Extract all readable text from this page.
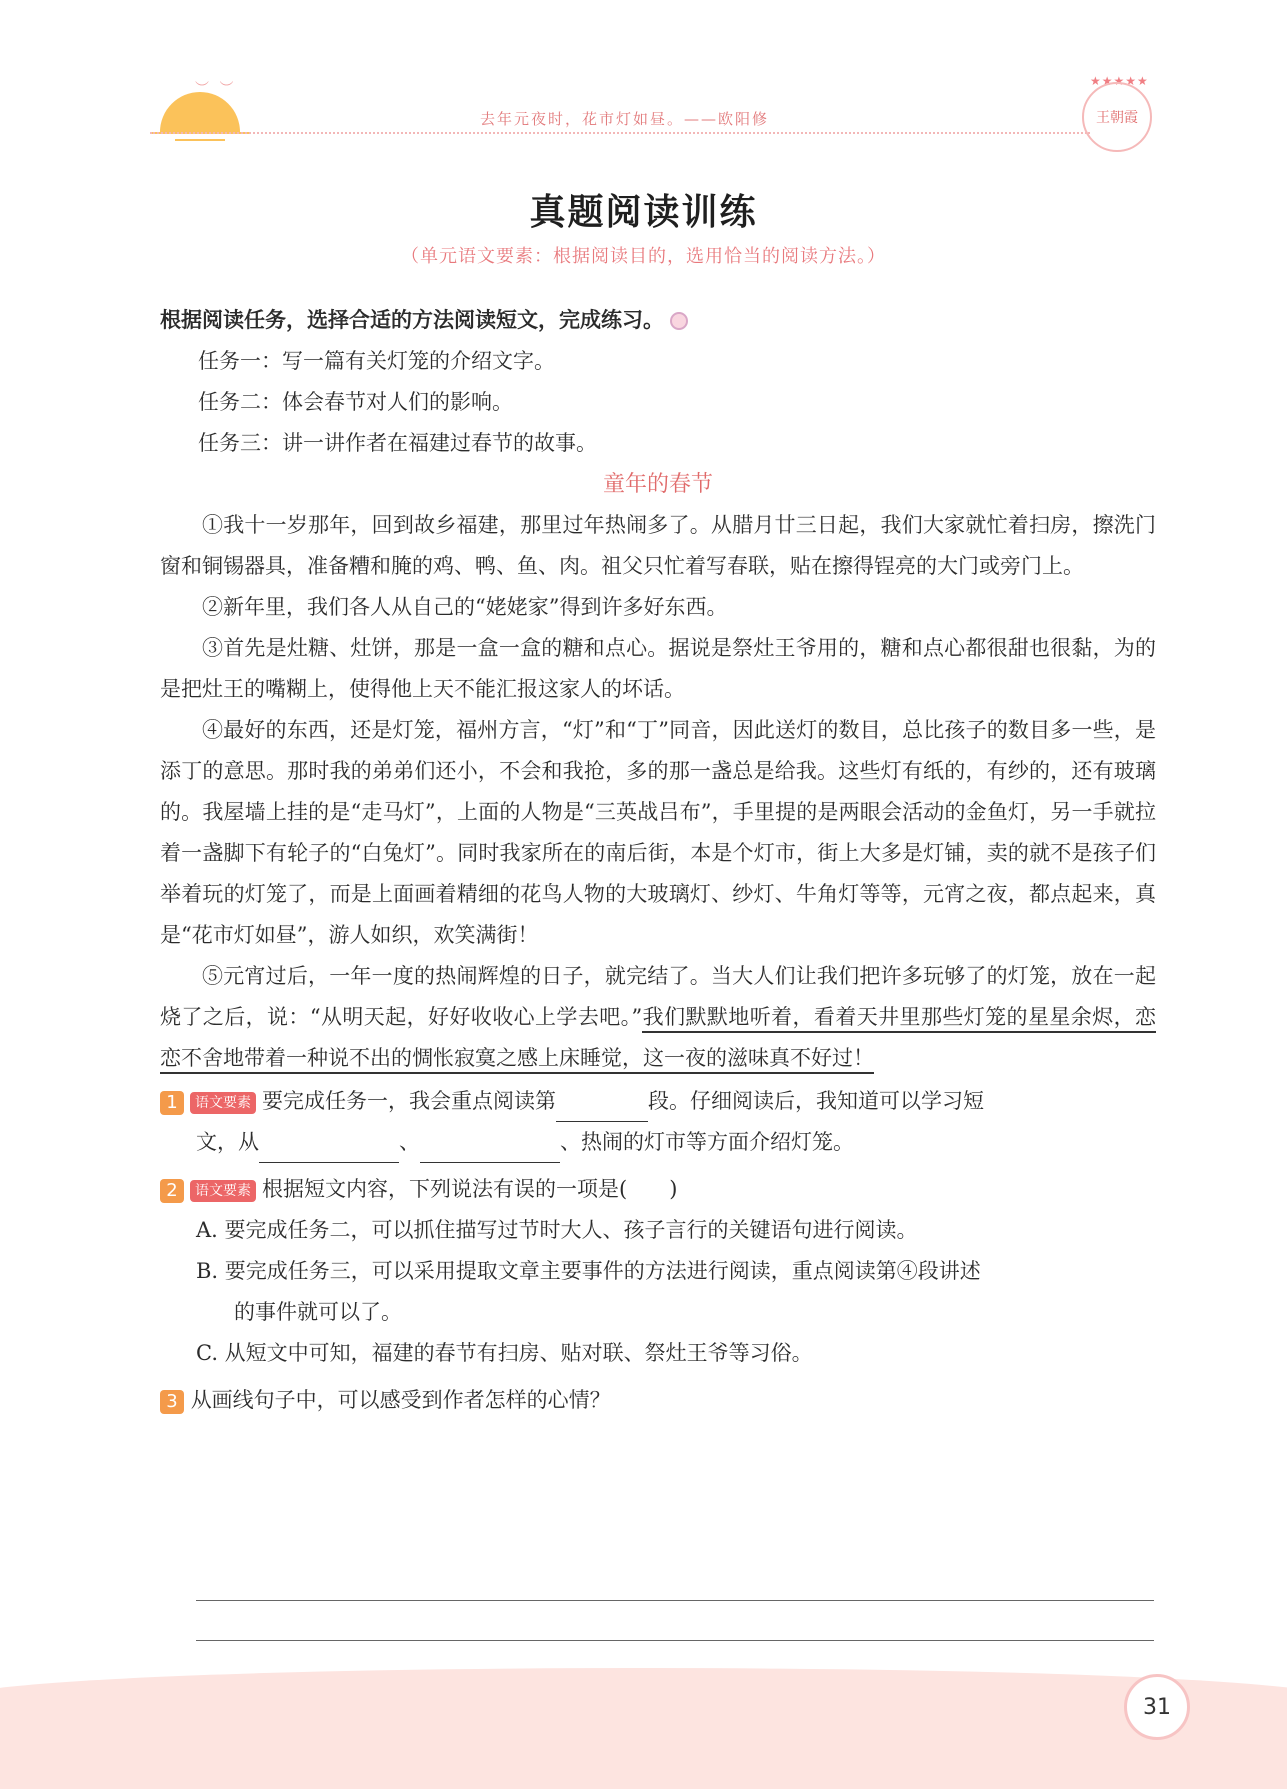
︶ ︶
去年元夜时，花市灯如昼。——欧阳修
★★★★★
王朝霞
真题阅读训练
（单元语文要素：根据阅读目的，选用恰当的阅读方法。）
根据阅读任务，选择合适的方法阅读短文，完成练习。
任务一：写一篇有关灯笼的介绍文字。
任务二：体会春节对人们的影响。
任务三：讲一讲作者在福建过春节的故事。
童年的春节
①我十一岁那年，回到故乡福建，那里过年热闹多了。从腊月廿三日起，我们大家就忙着扫房，擦洗门窗和铜锡器具，准备糟和腌的鸡、鸭、鱼、肉。祖父只忙着写春联，贴在擦得锃亮的大门或旁门上。
②新年里，我们各人从自己的“姥姥家”得到许多好东西。
③首先是灶糖、灶饼，那是一盒一盒的糖和点心。据说是祭灶王爷用的，糖和点心都很甜也很黏，为的是把灶王的嘴糊上，使得他上天不能汇报这家人的坏话。
④最好的东西，还是灯笼，福州方言，“灯”和“丁”同音，因此送灯的数目，总比孩子的数目多一些，是添丁的意思。那时我的弟弟们还小，不会和我抢，多的那一盏总是给我。这些灯有纸的，有纱的，还有玻璃的。我屋墙上挂的是“走马灯”，上面的人物是“三英战吕布”，手里提的是两眼会活动的金鱼灯，另一手就拉着一盏脚下有轮子的“白兔灯”。同时我家所在的南后街，本是个灯市，街上大多是灯铺，卖的就不是孩子们举着玩的灯笼了，而是上面画着精细的花鸟人物的大玻璃灯、纱灯、牛角灯等等，元宵之夜，都点起来，真是“花市灯如昼”，游人如织，欢笑满街！
⑤元宵过后，一年一度的热闹辉煌的日子，就完结了。当大人们让我们把许多玩够了的灯笼，放在一起烧了之后，说：“从明天起，好好收收心上学去吧。”我们默默地听着，看着天井里那些灯笼的星星余烬，恋恋不舍地带着一种说不出的惆怅寂寞之感上床睡觉，这一夜的滋味真不好过！
1 语文要素 要完成任务一，我会重点阅读第	段。仔细阅读后，我知道可以学习短
文，从	、	、热闹的灯市等方面介绍灯笼。
2 语文要素 根据短文内容，下列说法有误的一项是(　　)
A. 要完成任务二，可以抓住描写过节时大人、孩子言行的关键语句进行阅读。
B. 要完成任务三，可以采用提取文章主要事件的方法进行阅读，重点阅读第④段讲述
的事件就可以了。
C. 从短文中可知，福建的春节有扫房、贴对联、祭灶王爷等习俗。
3 从画线句子中，可以感受到作者怎样的心情？
31
